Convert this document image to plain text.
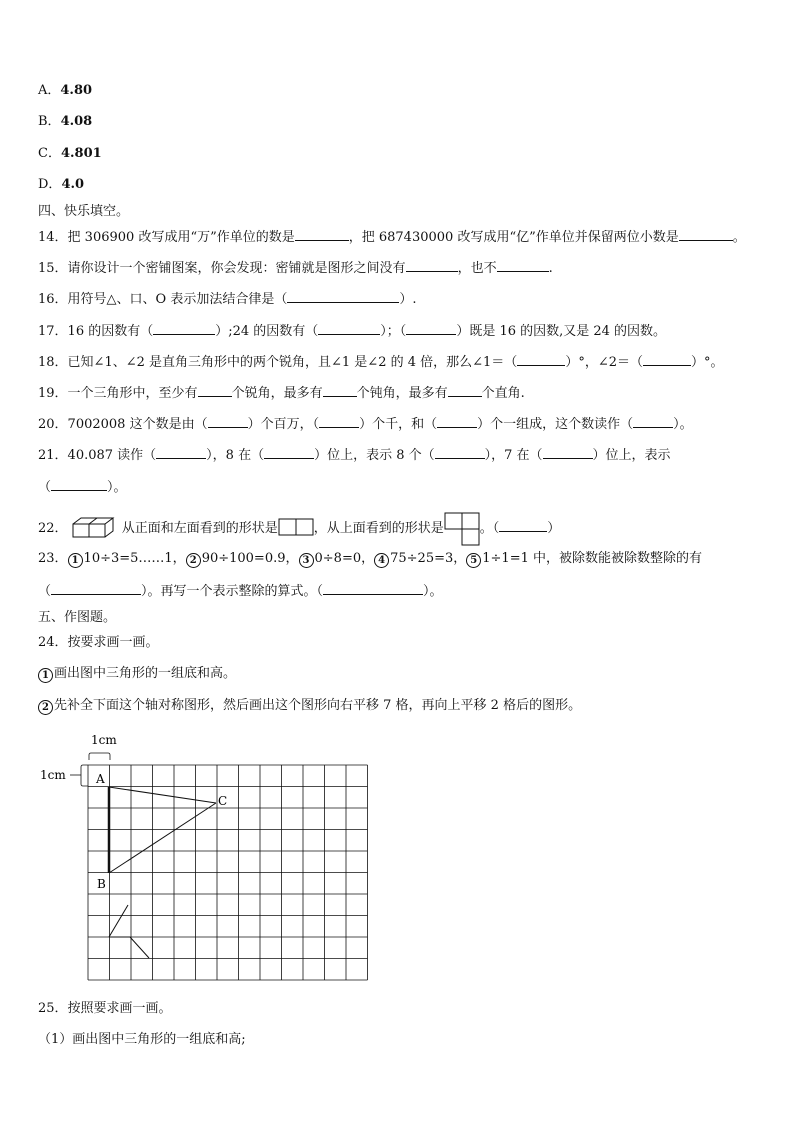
A．4.80
B．4.08
C．4.801
D．4.0
四、快乐填空。
14．把 306900 改写成用“万”作单位的数是	，把 687430000 改写成用“亿”作单位并保留两位小数是	。
15．请你设计一个密铺图案，你会发现：密铺就是图形之间没有	，也不	.
16．用符号△、口、O 表示加法结合律是（	）.
17．16 的因数有（	）;24 的因数有（	）；（	）既是 16 的因数,又是 24 的因数。
18．已知∠1、∠2 是直角三角形中的两个锐角，且∠1 是∠2 的 4 倍，那么∠1＝（	）°，∠2＝（	）°。
19．一个三角形中，至少有	个锐角，最多有	个钝角，最多有	个直角.
20．7002008 这个数是由（	）个百万，（	）个千，和（	）个一组成，这个数读作（	）。
21．40.087 读作（	），8 在（	）位上，表示 8 个（	），7 在（	）位上，表示
（	）。
22．	从正面和左面看到的形状是	，从上面看到的形状是	。（	）
23． 1 10÷3=5……1， 2 90÷100=0.9， 3 0÷8=0， 4 75÷25=3， 5 1÷1=1 中，被除数能被除数整除的有
（	）。再写一个表示整除的算式。（	）。
五、作图题。
24．按要求画一画。
1 画出图中三角形的一组底和高。
2 先补全下面这个轴对称图形，然后画出这个图形向右平移 7 格，再向上平移 2 格后的图形。
1cm
1cm	A
B
C
25．按照要求画一画。
（1）画出图中三角形的一组底和高;
